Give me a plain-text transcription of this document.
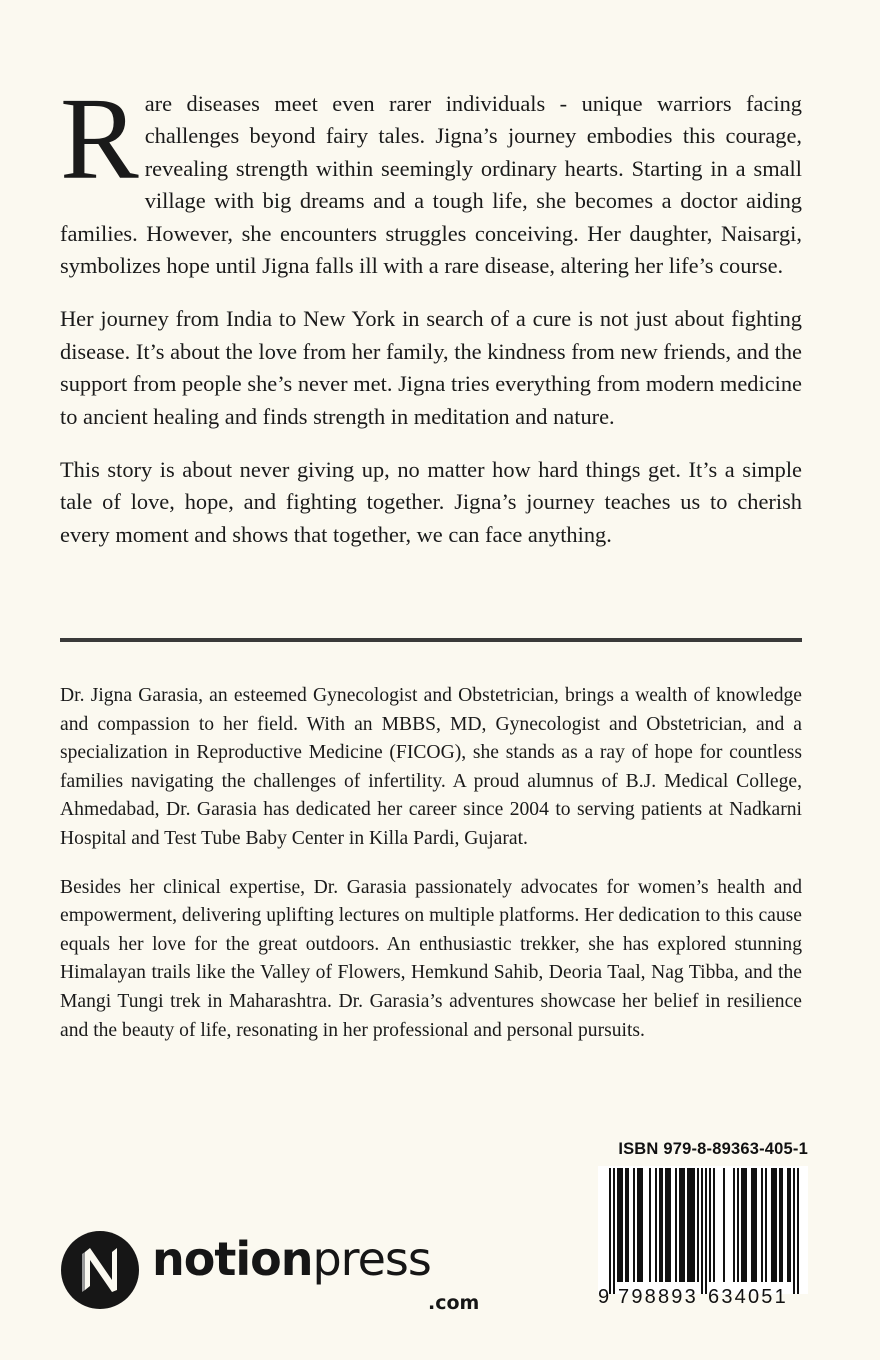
Rare diseases meet even rarer individuals - unique warriors facing challenges beyond fairy tales. Jigna’s journey embodies this courage, revealing strength within seemingly ordinary hearts. Starting in a small village with big dreams and a tough life, she becomes a doctor aiding families. However, she encounters struggles conceiving. Her daughter, Naisargi, symbolizes hope until Jigna falls ill with a rare disease, altering her life’s course.

Her journey from India to New York in search of a cure is not just about fighting disease. It’s about the love from her family, the kindness from new friends, and the support from people she’s never met. Jigna tries everything from modern medicine to ancient healing and finds strength in meditation and nature.

This story is about never giving up, no matter how hard things get. It’s a simple tale of love, hope, and fighting together. Jigna’s journey teaches us to cherish every moment and shows that together, we can face anything.

Dr. Jigna Garasia, an esteemed Gynecologist and Obstetrician, brings a wealth of knowledge and compassion to her field. With an MBBS, MD, Gynecologist and Obstetrician, and a specialization in Reproductive Medicine (FICOG), she stands as a ray of hope for countless families navigating the challenges of infertility. A proud alumnus of B.J. Medical College, Ahmedabad, Dr. Garasia has dedicated her career since 2004 to serving patients at Nadkarni Hospital and Test Tube Baby Center in Killa Pardi, Gujarat.

Besides her clinical expertise, Dr. Garasia passionately advocates for women’s health and empowerment, delivering uplifting lectures on multiple platforms. Her dedication to this cause equals her love for the great outdoors. An enthusiastic trekker, she has explored stunning Himalayan trails like the Valley of Flowers, Hemkund Sahib, Deoria Taal, Nag Tibba, and the Mangi Tungi trek in Maharashtra. Dr. Garasia’s adventures showcase her belief in resilience and the beauty of life, resonating in her professional and personal pursuits.

notionpress
.com
ISBN 979-8-89363-405-1
9 798893 634051
